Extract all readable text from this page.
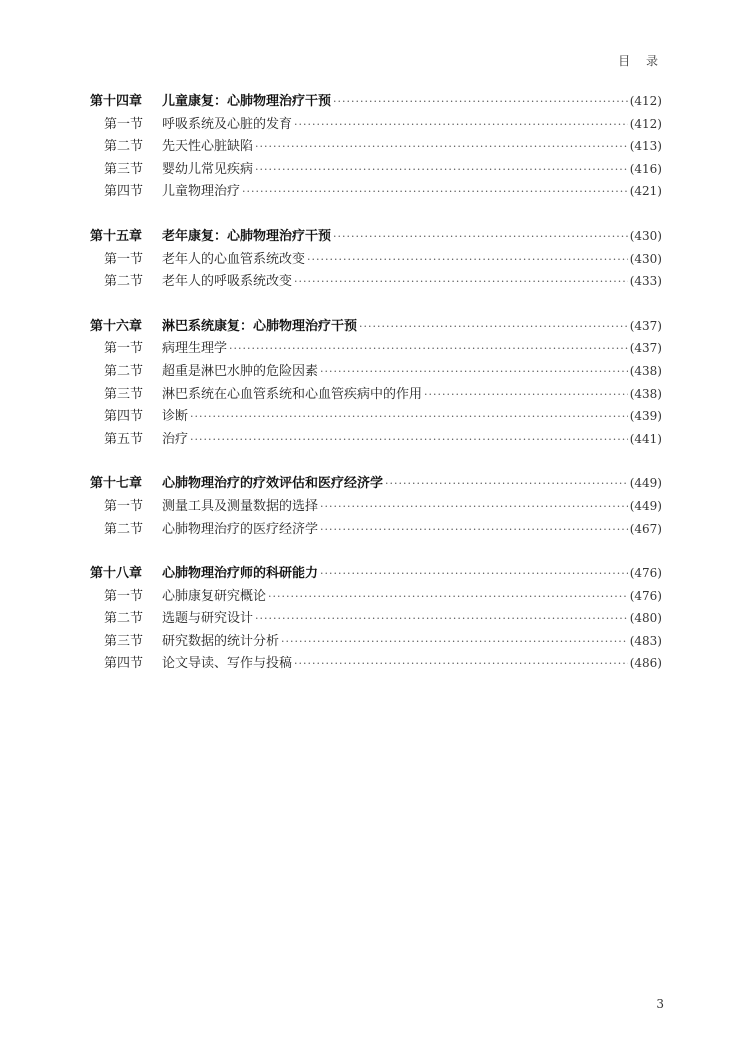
目 录
第十四章	儿童康复：心肺物理治疗干预 ·····	(412)
第一节	呼吸系统及心脏的发育 ·····	(412)
第二节	先天性心脏缺陷 ·····	(413)
第三节	婴幼儿常见疾病 ·····	(416)
第四节	儿童物理治疗 ·····	(421)
第十五章	老年康复：心肺物理治疗干预 ·····	(430)
第一节	老年人的心血管系统改变 ·····	(430)
第二节	老年人的呼吸系统改变 ·····	(433)
第十六章	淋巴系统康复：心肺物理治疗干预 ·····	(437)
第一节	病理生理学 ·····	(437)
第二节	超重是淋巴水肿的危险因素 ·····	(438)
第三节	淋巴系统在心血管系统和心血管疾病中的作用 ·····	(438)
第四节	诊断 ·····	(439)
第五节	治疗 ·····	(441)
第十七章	心肺物理治疗的疗效评估和医疗经济学 ·····	(449)
第一节	测量工具及测量数据的选择 ·····	(449)
第二节	心肺物理治疗的医疗经济学 ·····	(467)
第十八章	心肺物理治疗师的科研能力 ·····	(476)
第一节	心肺康复研究概论 ·····	(476)
第二节	选题与研究设计 ·····	(480)
第三节	研究数据的统计分析 ·····	(483)
第四节	论文导读、写作与投稿 ·····	(486)
3
